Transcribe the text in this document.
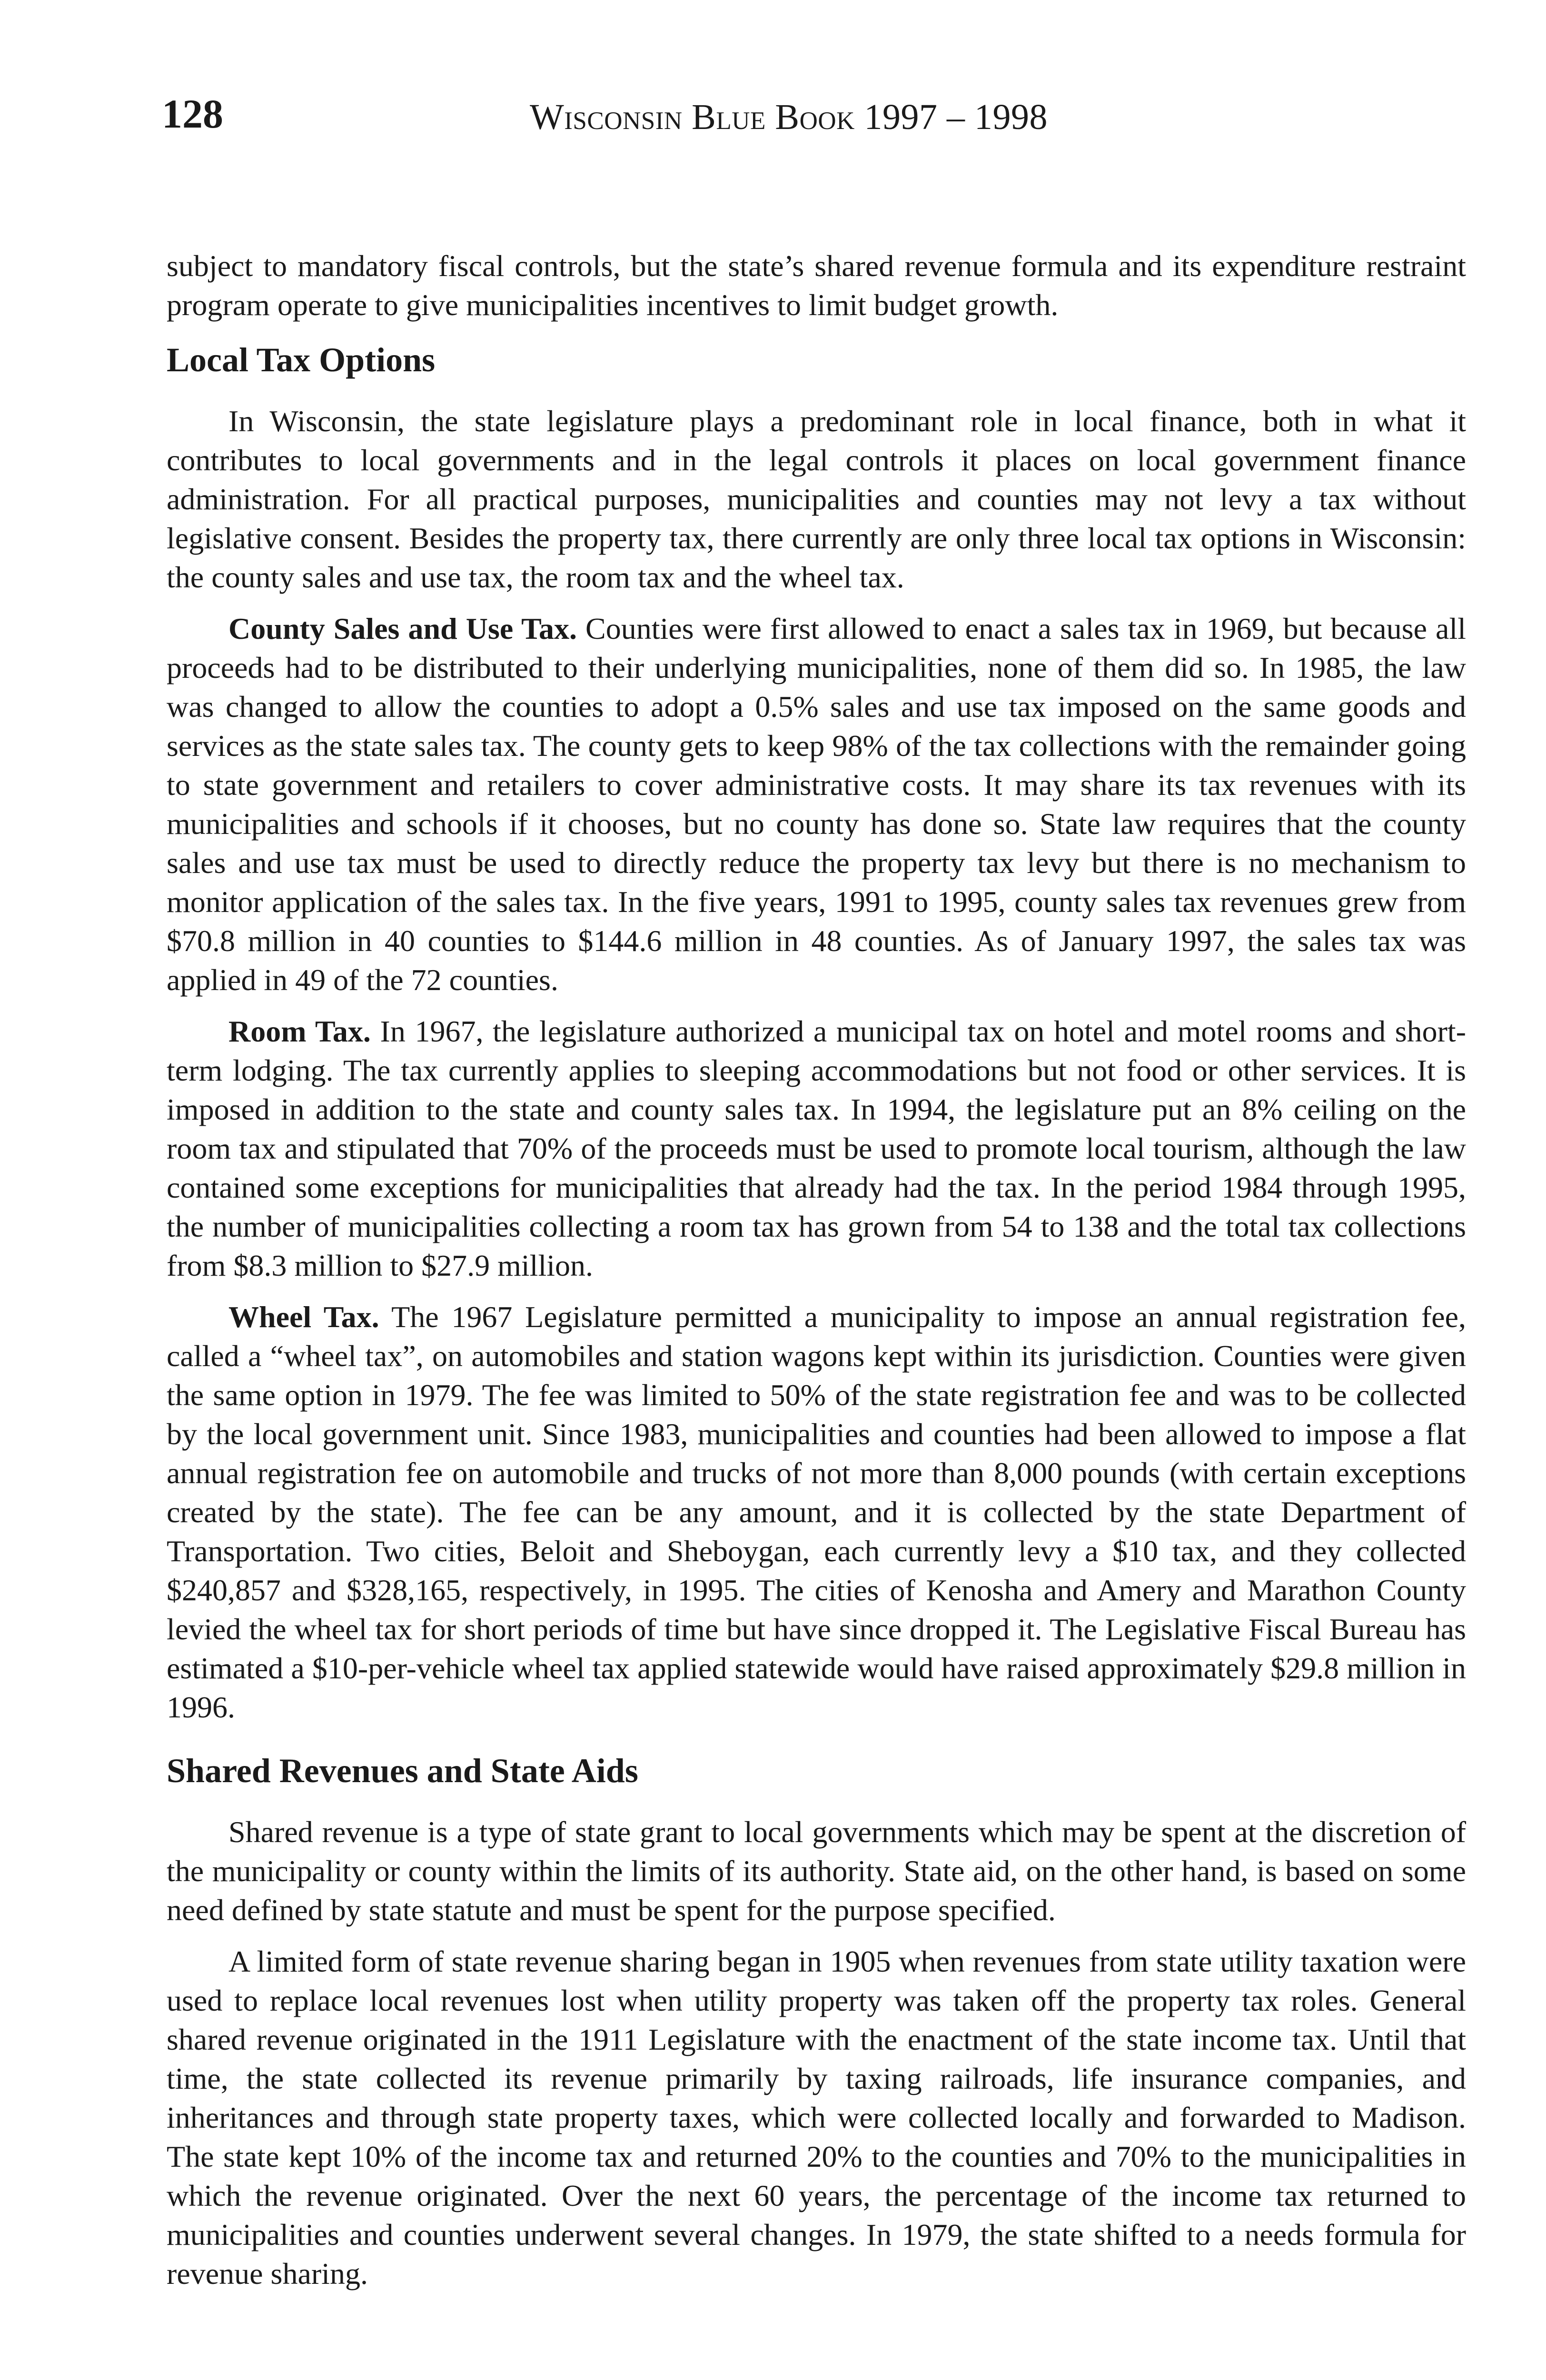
128	Wisconsin Blue Book 1997 – 1998

subject to mandatory fiscal controls, but the state’s shared revenue formula and its expenditure restraint program operate to give municipalities incentives to limit budget growth.

Local Tax Options

In Wisconsin, the state legislature plays a predominant role in local finance, both in what it contributes to local governments and in the legal controls it places on local government finance administration. For all practical purposes, municipalities and counties may not levy a tax without legislative consent. Besides the property tax, there currently are only three local tax options in Wisconsin: the county sales and use tax, the room tax and the wheel tax.

County Sales and Use Tax. Counties were first allowed to enact a sales tax in 1969, but because all proceeds had to be distributed to their underlying municipalities, none of them did so. In 1985, the law was changed to allow the counties to adopt a 0.5% sales and use tax imposed on the same goods and services as the state sales tax. The county gets to keep 98% of the tax collections with the remainder going to state government and retailers to cover administrative costs. It may share its tax revenues with its municipalities and schools if it chooses, but no county has done so. State law requires that the county sales and use tax must be used to directly reduce the property tax levy but there is no mechanism to monitor application of the sales tax. In the five years, 1991 to 1995, county sales tax revenues grew from $70.8 million in 40 counties to $144.6 million in 48 counties. As of January 1997, the sales tax was applied in 49 of the 72 counties.

Room Tax. In 1967, the legislature authorized a municipal tax on hotel and motel rooms and short-term lodging. The tax currently applies to sleeping accommodations but not food or other services. It is imposed in addition to the state and county sales tax. In 1994, the legislature put an 8% ceiling on the room tax and stipulated that 70% of the proceeds must be used to promote local tourism, although the law contained some exceptions for municipalities that already had the tax. In the period 1984 through 1995, the number of municipalities collecting a room tax has grown from 54 to 138 and the total tax collections from $8.3 million to $27.9 million.

Wheel Tax. The 1967 Legislature permitted a municipality to impose an annual registration fee, called a “wheel tax”, on automobiles and station wagons kept within its jurisdiction. Counties were given the same option in 1979. The fee was limited to 50% of the state registration fee and was to be collected by the local government unit. Since 1983, municipalities and counties had been allowed to impose a flat annual registration fee on automobile and trucks of not more than 8,000 pounds (with certain exceptions created by the state). The fee can be any amount, and it is collected by the state Department of Transportation. Two cities, Beloit and Sheboygan, each currently levy a $10 tax, and they collected $240,857 and $328,165, respectively, in 1995. The cities of Kenosha and Amery and Marathon County levied the wheel tax for short periods of time but have since dropped it. The Legislative Fiscal Bureau has estimated a $10-per-vehicle wheel tax applied statewide would have raised approximately $29.8 million in 1996.

Shared Revenues and State Aids

Shared revenue is a type of state grant to local governments which may be spent at the discretion of the municipality or county within the limits of its authority. State aid, on the other hand, is based on some need defined by state statute and must be spent for the purpose specified.

A limited form of state revenue sharing began in 1905 when revenues from state utility taxation were used to replace local revenues lost when utility property was taken off the property tax roles. General shared revenue originated in the 1911 Legislature with the enactment of the state income tax. Until that time, the state collected its revenue primarily by taxing railroads, life insurance companies, and inheritances and through state property taxes, which were collected locally and forwarded to Madison. The state kept 10% of the income tax and returned 20% to the counties and 70% to the municipalities in which the revenue originated. Over the next 60 years, the percentage of the income tax returned to municipalities and counties underwent several changes. In 1979, the state shifted to a needs formula for revenue sharing.
